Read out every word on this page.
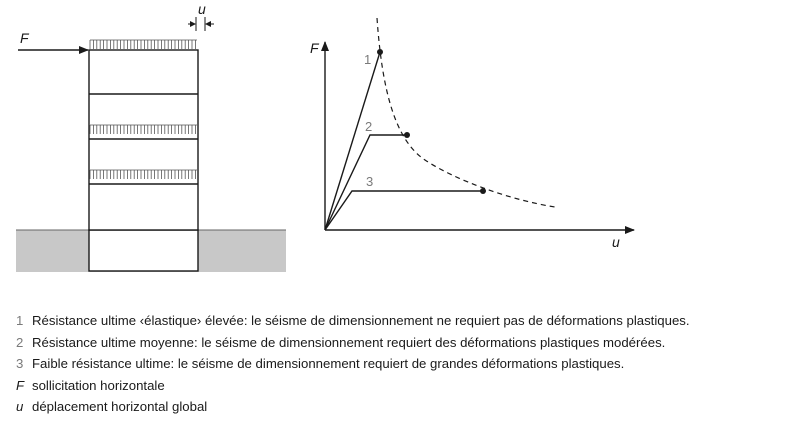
F
u
F
u
1
2
3
1 Résistance ultime ‹élastique› élevée: le séisme de dimensionnement ne requiert pas de déformations plastiques.
2 Résistance ultime moyenne: le séisme de dimensionnement requiert des déformations plastiques modérées.
3 Faible résistance ultime: le séisme de dimensionnement requiert de grandes déformations plastiques.
F sollicitation horizontale
u déplacement horizontal global
